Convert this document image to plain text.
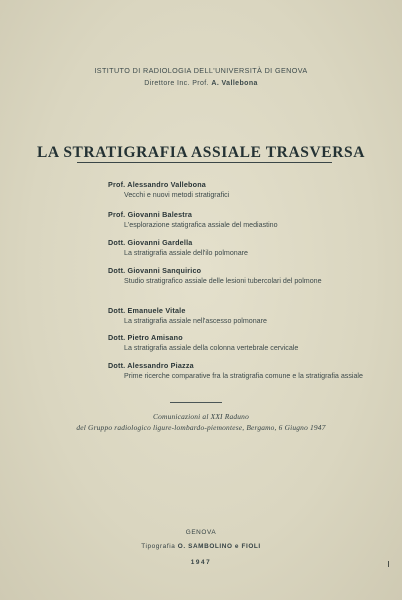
ISTITUTO DI RADIOLOGIA DELL'UNIVERSITÀ DI GENOVA
Direttore Inc. Prof. A. Vallebona
LA STRATIGRAFIA ASSIALE TRASVERSA
Prof. Alessandro Vallebona
Vecchi e nuovi metodi stratigrafici
Prof. Giovanni Balestra
L'esplorazione statigrafica assiale del mediastino
Dott. Giovanni Gardella
La stratigrafia assiale dell'ilo polmonare
Dott. Giovanni Sanquirico
Studio stratigrafico assiale delle lesioni tubercolari del polmone
Dott. Emanuele Vitale
La stratigrafia assiale nell'ascesso polmonare
Dott. Pietro Amisano
La stratigrafia assiale della colonna vertebrale cervicale
Dott. Alessandro Piazza
Prime ricerche comparative fra la stratigrafia comune e la stratigrafia assiale
Comunicazioni al XXI Raduno
del Gruppo radiologico ligure-lombardo-piemontese, Bergamo, 6 Giugno 1947
GENOVA
Tipografia O. SAMBOLINO e FIOLI
1947
